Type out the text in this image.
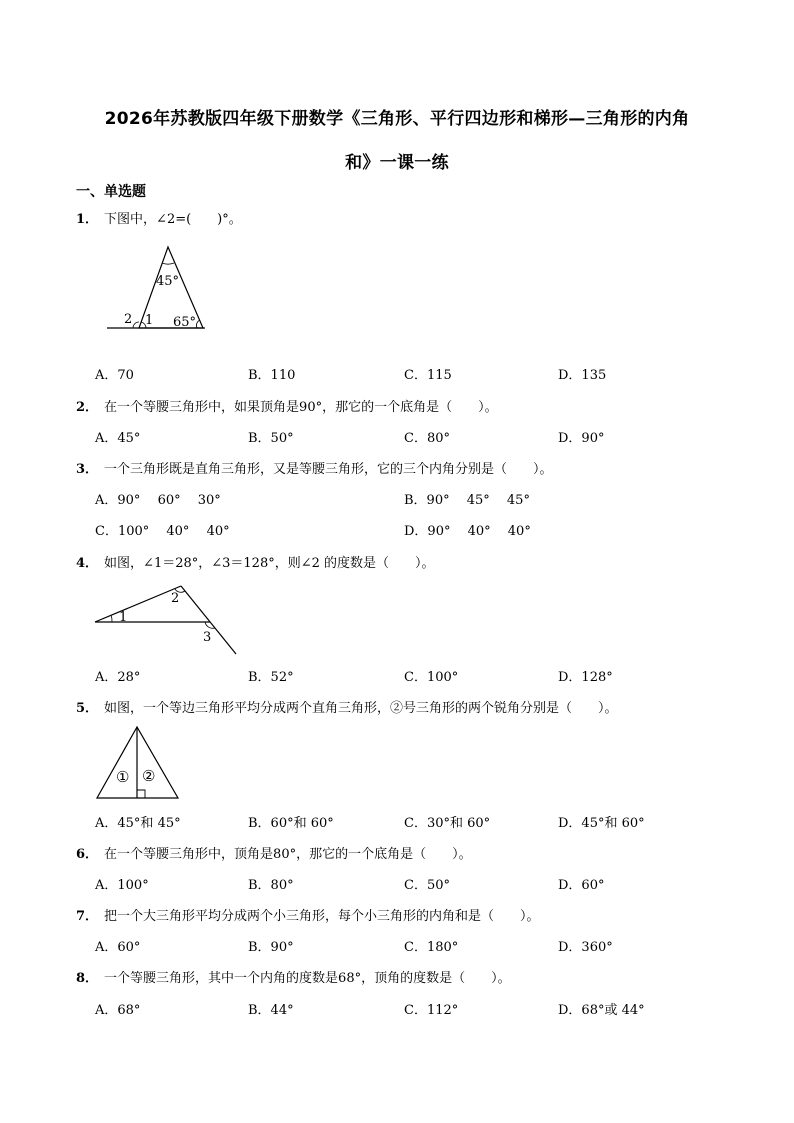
2026年苏教版四年级下册数学《三角形、平行四边形和梯形—三角形的内角
和》一课一练
一、单选题
1． 下图中，∠2=(　　)°。
45°
65°
1
2
A．70	B．110	C．115	D．135
2． 在一个等腰三角形中，如果顶角是90°，那它的一个底角是（　　）。
A．45°	B．50°	C．80°	D．90°
3． 一个三角形既是直角三角形，又是等腰三角形，它的三个内角分别是（　　）。
A．90°　 60°　 30°	B．90°　 45°　 45°
C．100°　 40°　 40°	D．90°　 40°　 40°
4． 如图，∠1＝28°，∠3＝128°，则∠2 的度数是（　　）。
1
2
3
A．28°	B．52°	C．100°	D．128°
5． 如图，一个等边三角形平均分成两个直角三角形，②号三角形的两个锐角分别是（　　）。
① ②
A．45°和 45°	B．60°和 60°	C．30°和 60°	D．45°和 60°
6． 在一个等腰三角形中，顶角是80°，那它的一个底角是（　　）。
A．100°	B．80°	C．50°	D．60°
7． 把一个大三角形平均分成两个小三角形，每个小三角形的内角和是（　　）。
A．60°	B．90°	C．180°	D．360°
8． 一个等腰三角形，其中一个内角的度数是68°，顶角的度数是（　　）。
A．68°	B．44°	C．112°	D．68°或 44°
